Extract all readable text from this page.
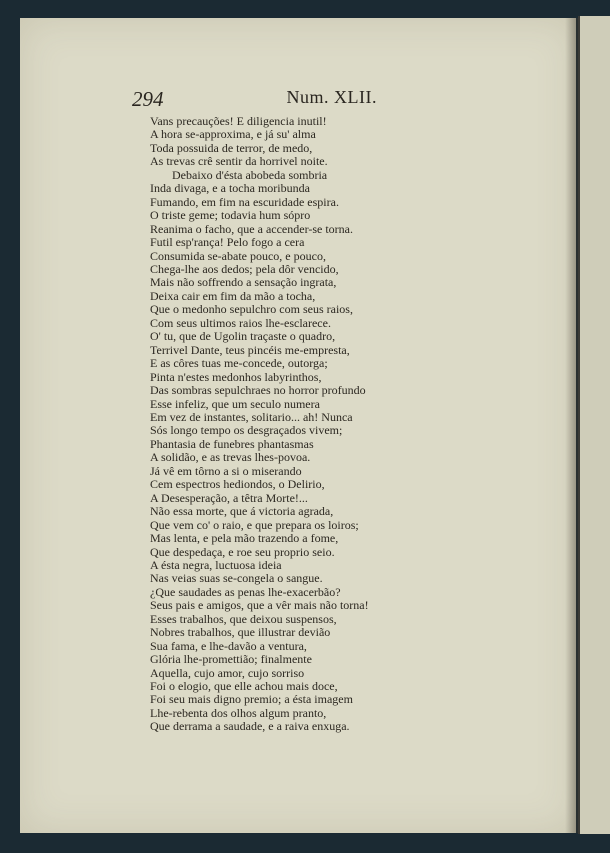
294	Num. XLII.
Vans precauções! E diligencia inutil!
A hora se-approxima, e já su' alma
Toda possuida de terror, de medo,
As trevas crê sentir da horrivel noite.
Debaixo d'ésta abobeda sombria
Inda divaga, e a tocha moribunda
Fumando, em fim na escuridade espira.
O triste geme; todavia hum sópro
Reanima o facho, que a accender-se torna.
Futil esp'rança! Pelo fogo a cera
Consumida se-abate pouco, e pouco,
Chega-lhe aos dedos; pela dôr vencido,
Mais não soffrendo a sensação ingrata,
Deixa cair em fim da mão a tocha,
Que o medonho sepulchro com seus raios,
Com seus ultimos raios lhe-esclarece.
O' tu, que de Ugolin traçaste o quadro,
Terrivel Dante, teus pincéis me-empresta,
E as côres tuas me-concede, outorga;
Pinta n'estes medonhos labyrinthos,
Das sombras sepulchraes no horror profundo
Esse infeliz, que um seculo numera
Em vez de instantes, solitario... ah! Nunca
Sós longo tempo os desgraçados vivem;
Phantasia de funebres phantasmas
A solidão, e as trevas lhes-povoa.
Já vê em tôrno a si o miserando
Cem espectros hediondos, o Delirio,
A Desesperação, a têtra Morte!...
Não essa morte, que á victoria agrada,
Que vem co' o raio, e que prepara os loiros;
Mas lenta, e pela mão trazendo a fome,
Que despedaça, e roe seu proprio seio.
A ésta negra, luctuosa ideia
Nas veias suas se-congela o sangue.
¿Que saudades as penas lhe-exacerbão?
Seus pais e amigos, que a vêr mais não torna!
Esses trabalhos, que deixou suspensos,
Nobres trabalhos, que illustrar devião
Sua fama, e lhe-davão a ventura,
Glória lhe-promettião; finalmente
Aquella, cujo amor, cujo sorriso
Foi o elogio, que elle achou mais doce,
Foi seu mais digno premio; a ésta imagem
Lhe-rebenta dos olhos algum pranto,
Que derrama a saudade, e a raiva enxuga.
